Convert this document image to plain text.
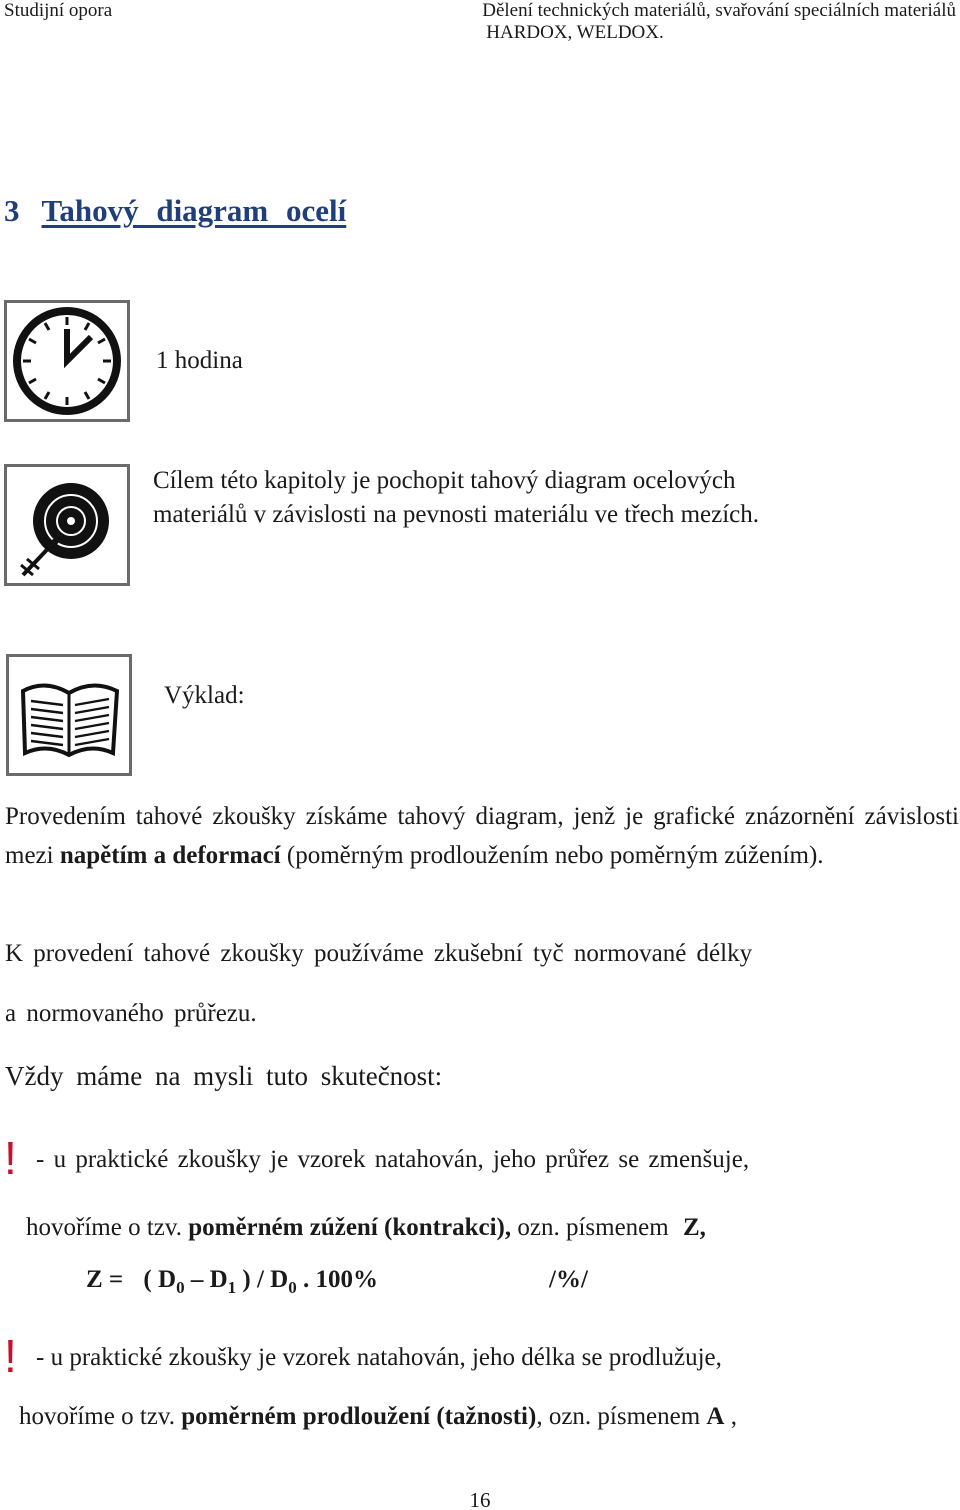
Studijní opora	Dělení technických materiálů, svařování speciálních materiálů
HARDOX, WELDOX.
3 Tahový diagram ocelí
1 hodina
Cílem této kapitoly je pochopit tahový diagram ocelových
materiálů v závislosti na pevnosti materiálu ve třech mezích.
Výklad:
Provedením tahové zkoušky získáme tahový diagram, jenž je grafické znázornění závislosti mezi napětím a deformací (poměrným prodloužením nebo poměrným zúžením).
K provedení tahové zkoušky používáme zkušební tyč normované délky
a normovaného průřezu.
Vždy máme na mysli tuto skutečnost:
! - u praktické zkoušky je vzorek natahován, jeho průřez se zmenšuje,
hovoříme o tzv. poměrném zúžení (kontrakci), ozn. písmenem Z,
Z = ( $D_0 - D_1$ ) / $D_0$ . 100%	/%/
! - u praktické zkoušky je vzorek natahován, jeho délka se prodlužuje,
hovoříme o tzv. poměrném prodloužení (tažnosti), ozn. písmenem A ,
16
